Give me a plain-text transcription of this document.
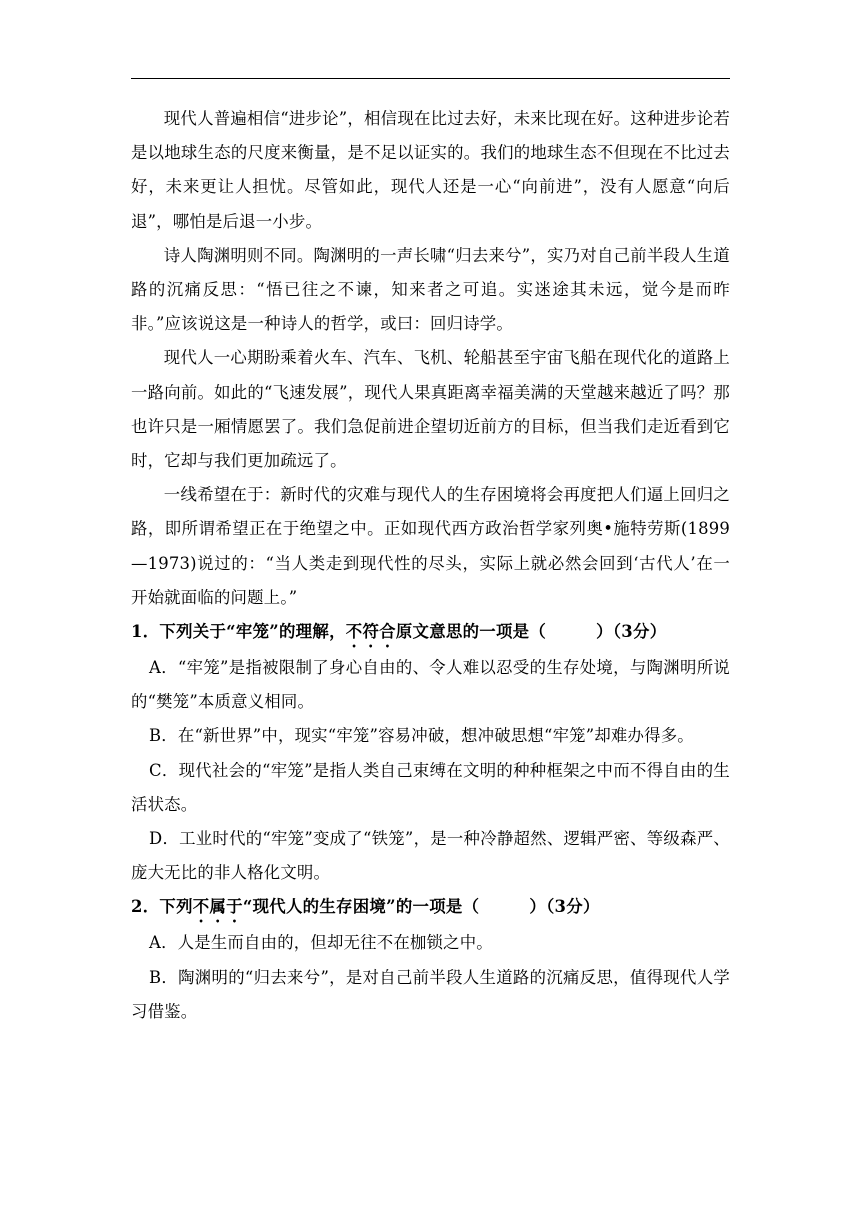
现代人普遍相信“进步论”，相信现在比过去好，未来比现在好。这种进步论若是以地球生态的尺度来衡量，是不足以证实的。我们的地球生态不但现在不比过去好，未来更让人担忧。尽管如此，现代人还是一心“向前进”，没有人愿意“向后退”，哪怕是后退一小步。

诗人陶渊明则不同。陶渊明的一声长啸“归去来兮”，实乃对自己前半段人生道路的沉痛反思：“悟已往之不谏，知来者之可追。实迷途其未远，觉今是而昨非。”应该说这是一种诗人的哲学，或曰：回归诗学。

现代人一心期盼乘着火车、汽车、飞机、轮船甚至宇宙飞船在现代化的道路上一路向前。如此的“飞速发展”，现代人果真距离幸福美满的天堂越来越近了吗？那也许只是一厢情愿罢了。我们急促前进企望切近前方的目标，但当我们走近看到它时，它却与我们更加疏远了。

一线希望在于：新时代的灾难与现代人的生存困境将会再度把人们逼上回归之路，即所谓希望正在于绝望之中。正如现代西方政治哲学家列奥•施特劳斯(1899—1973)说过的：“当人类走到现代性的尽头，实际上就必然会回到‘古代人’在一开始就面临的问题上。”

1．下列关于“牢笼”的理解，不符合原文意思的一项是（　　　）（3分）

A．“牢笼”是指被限制了身心自由的、令人难以忍受的生存处境，与陶渊明所说的“樊笼”本质意义相同。

B．在“新世界”中，现实“牢笼”容易冲破，想冲破思想“牢笼”却难办得多。

C．现代社会的“牢笼”是指人类自己束缚在文明的种种框架之中而不得自由的生活状态。

D．工业时代的“牢笼”变成了“铁笼”，是一种冷静超然、逻辑严密、等级森严、庞大无比的非人格化文明。

2．下列不属于“现代人的生存困境”的一项是（　　　）（3分）

A．人是生而自由的，但却无往不在枷锁之中。

B．陶渊明的“归去来兮”，是对自己前半段人生道路的沉痛反思，值得现代人学习借鉴。
